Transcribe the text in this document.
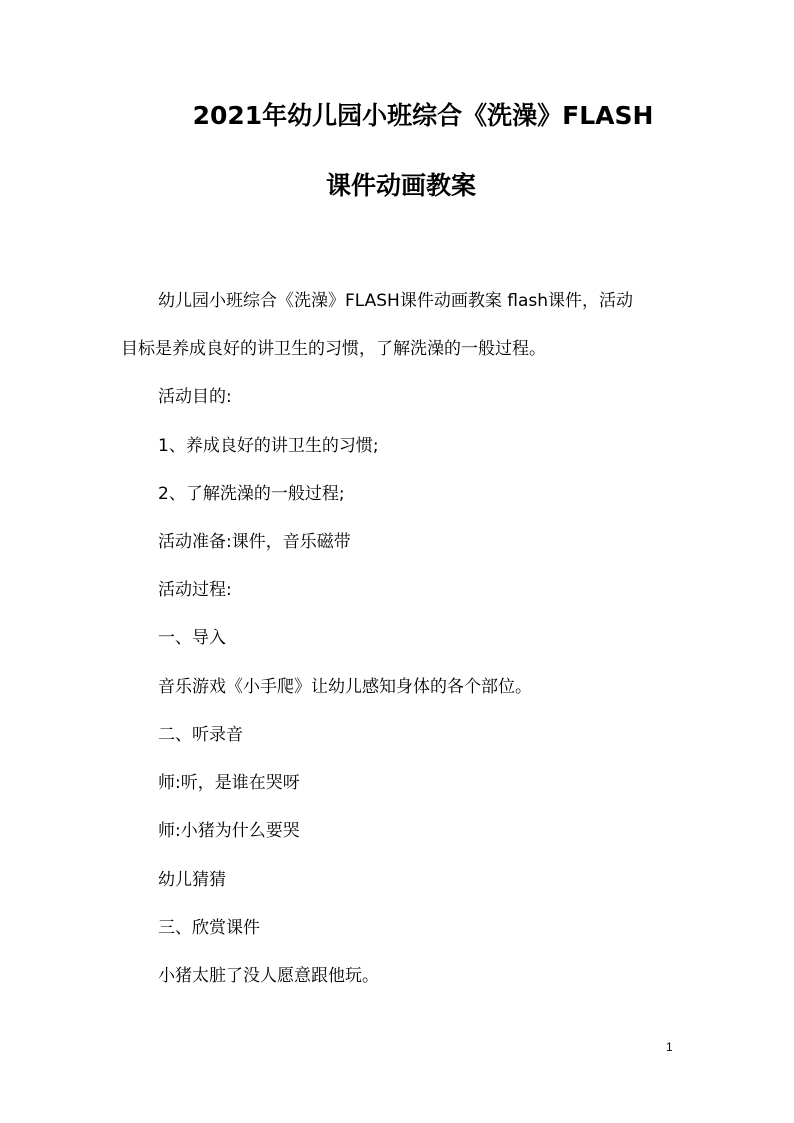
2021年幼儿园小班综合《洗澡》FLASH
课件动画教案
幼儿园小班综合《洗澡》FLASH课件动画教案 flash课件，活动
目标是养成良好的讲卫生的习惯，了解洗澡的一般过程。
活动目的:
1、养成良好的讲卫生的习惯;
2、了解洗澡的一般过程;
活动准备:课件，音乐磁带
活动过程:
一、导入
音乐游戏《小手爬》让幼儿感知身体的各个部位。
二、听录音
师:听，是谁在哭呀
师:小猪为什么要哭
幼儿猜猜
三、欣赏课件
小猪太脏了没人愿意跟他玩。
1
